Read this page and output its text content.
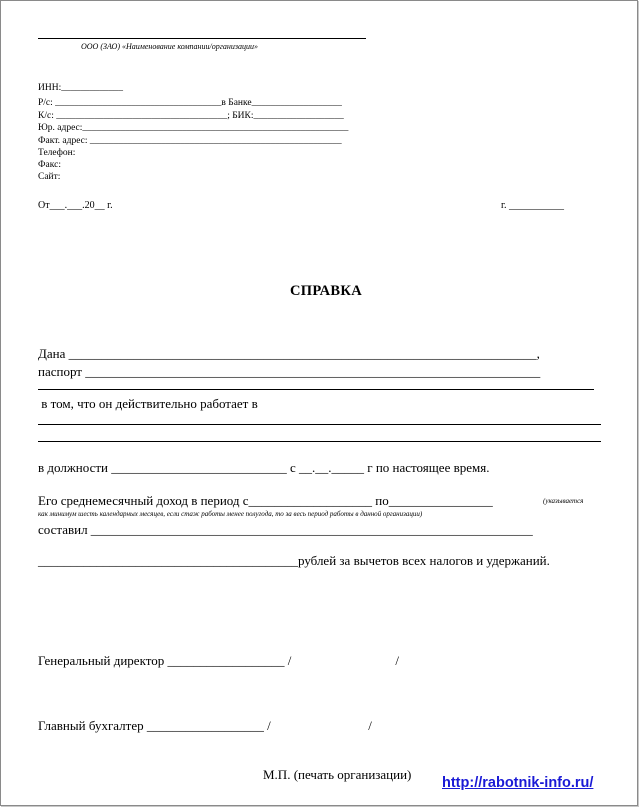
ООО (ЗАО) «Наименование компании/организации»
ИНН:_____________
Р/с: ___________________________________в Банке___________________
К/с: ____________________________________; БИК:___________________
Юр. адрес:________________________________________________________
Факт. адрес: _____________________________________________________
Телефон:
Факс:
Сайт:
От___.___.20__ г.	г. ___________
СПРАВКА
Дана ________________________________________________________________________,
паспорт ______________________________________________________________________
в том, что он действительно работает в
в должности ___________________________ с __.__._____ г по настоящее время.
Его среднемесячный доход в период с___________________ по________________	(указывается
как минимум шесть календарных месяцев, если стаж работы менее полугода, то за весь период работы в данной организации)
составил ____________________________________________________________________
________________________________________рублей за вычетов всех налогов и удержаний.
Генеральный директор __________________ /                                /
Главный бухгалтер __________________ /                              /
М.П. (печать организации)
http://rabotnik-info.ru/
